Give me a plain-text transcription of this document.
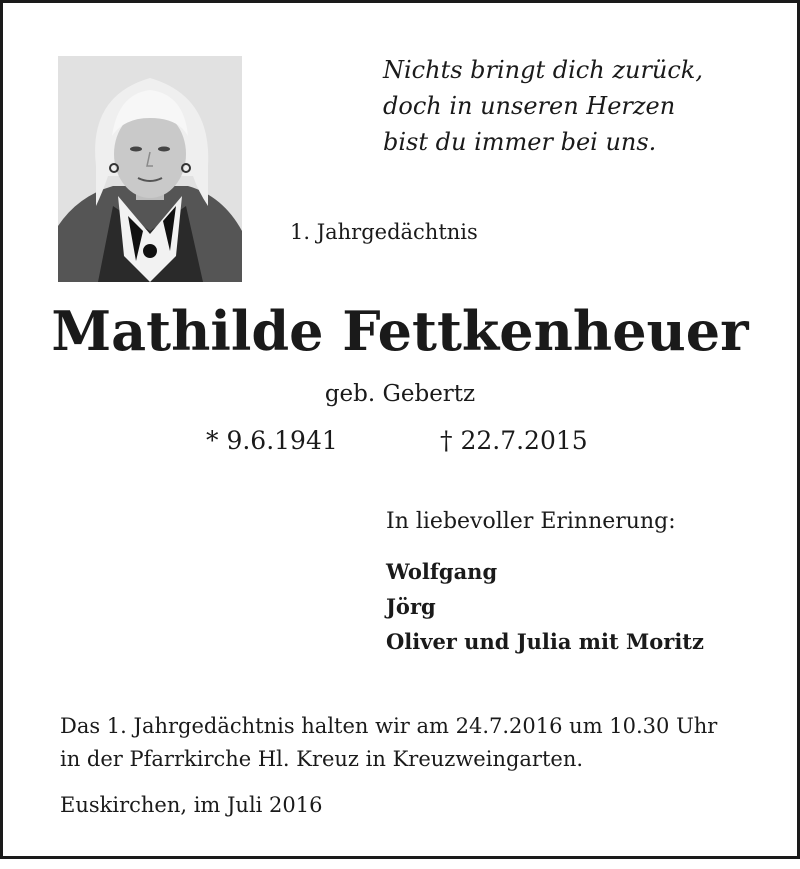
Nichts bringt dich zurück,
doch in unseren Herzen
bist du immer bei uns.

1. Jahrgedächtnis
Mathilde Fettkenheuer
geb. Gebertz
* 9.6.1941	† 22.7.2015
In liebevoller Erinnerung:
Wolfgang
Jörg
Oliver und Julia mit Moritz
Das 1. Jahrgedächtnis halten wir am 24.7.2016 um 10.30 Uhr
in der Pfarrkirche Hl. Kreuz in Kreuzweingarten.
Euskirchen, im Juli 2016
